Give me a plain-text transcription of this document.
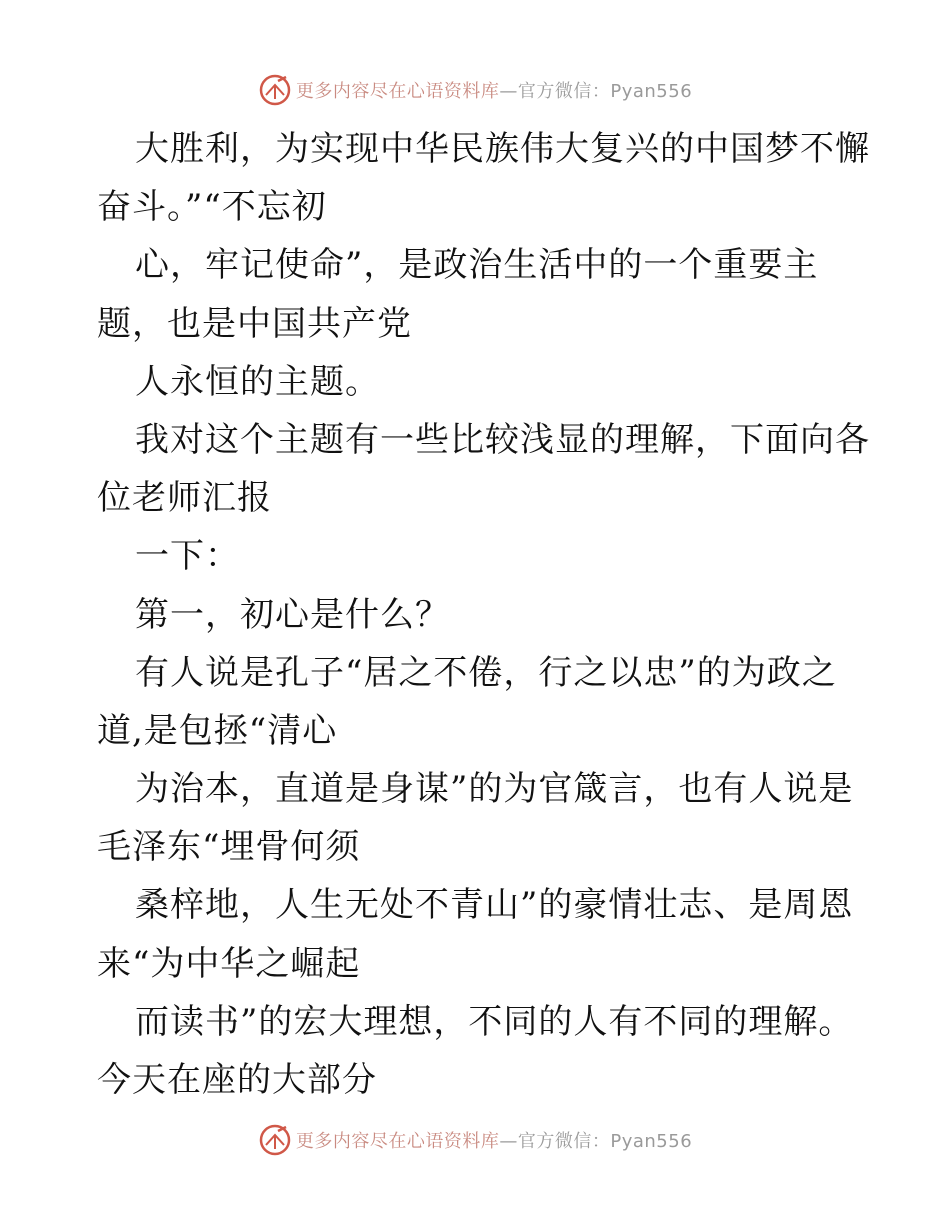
更多内容尽在心语资料库—官方微信：Pyan556
大胜利，为实现中华民族伟大复兴的中国梦不懈
奋斗。”“不忘初
心，牢记使命”，是政治生活中的一个重要主
题，也是中国共产党
人永恒的主题。
我对这个主题有一些比较浅显的理解，下面向各
位老师汇报
一下：
第一，初心是什么？
有人说是孔子“居之不倦，行之以忠”的为政之
道,是包拯“清心
为治本，直道是身谋”的为官箴言，也有人说是
毛泽东“埋骨何须
桑梓地，人生无处不青山”的豪情壮志、是周恩
来“为中华之崛起
而读书”的宏大理想，不同的人有不同的理解。
今天在座的大部分
更多内容尽在心语资料库—官方微信：Pyan556
